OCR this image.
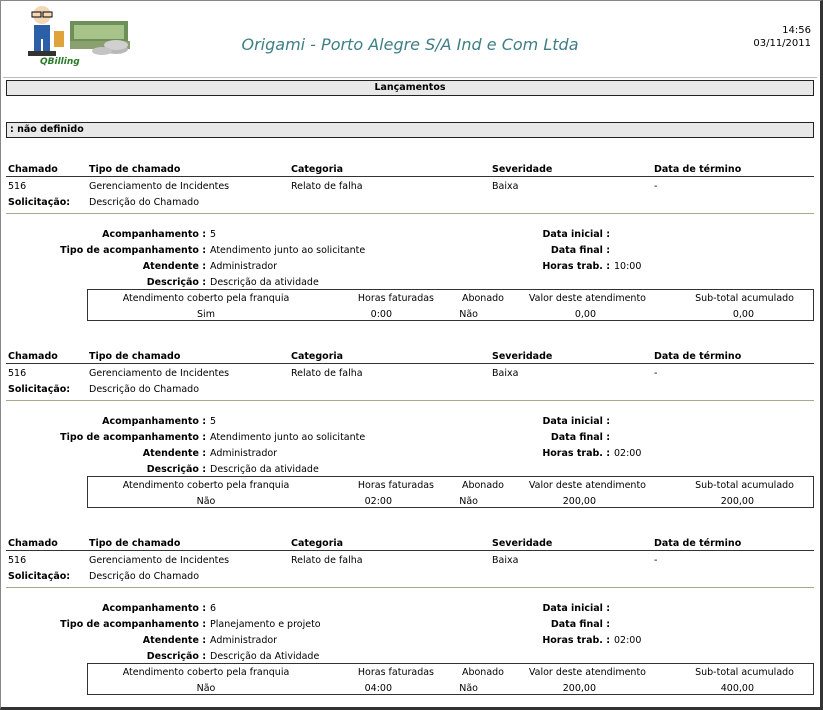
QBilling
Origami - Porto Alegre S/A Ind e Com Ltda
14:56
03/11/2011
Lançamentos
: não definido
Chamado	Tipo de chamado	Categoria	Severidade	Data de término
516	Gerenciamento de Incidentes	Relato de falha	Baixa	-
Solicitação: Descrição do Chamado
Acompanhamento : 5
Tipo de acompanhamento : Atendimento junto ao solicitante
Atendente : Administrador
Descrição : Descrição da atividade
Data inicial :
Data final :
Horas trab. : 10:00
Atendimento coberto pela franquia	Horas faturadas	Abonado	Valor deste atendimento	Sub-total acumulado
Sim	0:00	Não	0,00	0,00
Chamado	Tipo de chamado	Categoria	Severidade	Data de término
516	Gerenciamento de Incidentes	Relato de falha	Baixa	-
Solicitação: Descrição do Chamado
Acompanhamento : 5
Tipo de acompanhamento : Atendimento junto ao solicitante
Atendente : Administrador
Descrição : Descrição da atividade
Data inicial :
Data final :
Horas trab. : 02:00
Atendimento coberto pela franquia	Horas faturadas	Abonado	Valor deste atendimento	Sub-total acumulado
Não	02:00	Não	200,00	200,00
Chamado	Tipo de chamado	Categoria	Severidade	Data de término
516	Gerenciamento de Incidentes	Relato de falha	Baixa	-
Solicitação: Descrição do Chamado
Acompanhamento : 6
Tipo de acompanhamento : Planejamento e projeto
Atendente : Administrador
Descrição : Descrição da Atividade
Data inicial :
Data final :
Horas trab. : 02:00
Atendimento coberto pela franquia	Horas faturadas	Abonado	Valor deste atendimento	Sub-total acumulado
Não	04:00	Não	200,00	400,00
